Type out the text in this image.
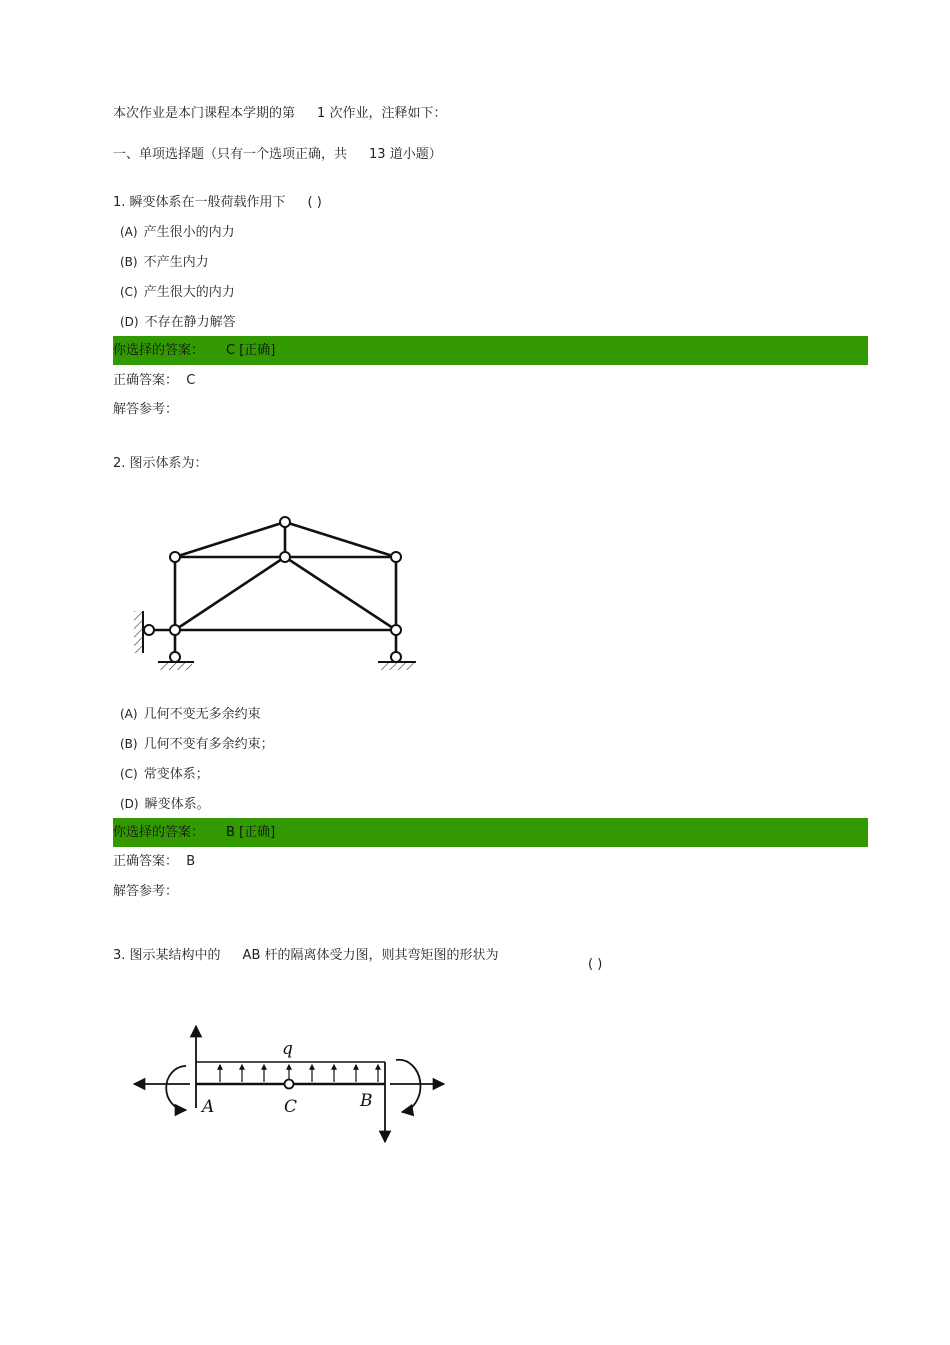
本次作业是本门课程本学期的第 1 次作业，注释如下：
一、单项选择题（只有一个选项正确，共 13 道小题）
1. 瞬变体系在一般荷载作用下 ( )
(A) 产生很小的内力
(B) 不产生内力
(C) 产生很大的内力
(D) 不存在静力解答
你选择的答案： C [正确]
正确答案： C
解答参考：
2. 图示体系为：
(A) 几何不变无多余约束
(B) 几何不变有多余约束；
(C) 常变体系；
(D) 瞬变体系。
你选择的答案： B [正确]
正确答案： B
解答参考：
3. 图示某结构中的 AB 杆的隔离体受力图，则其弯矩图的形状为
( )
q
A	C	B
